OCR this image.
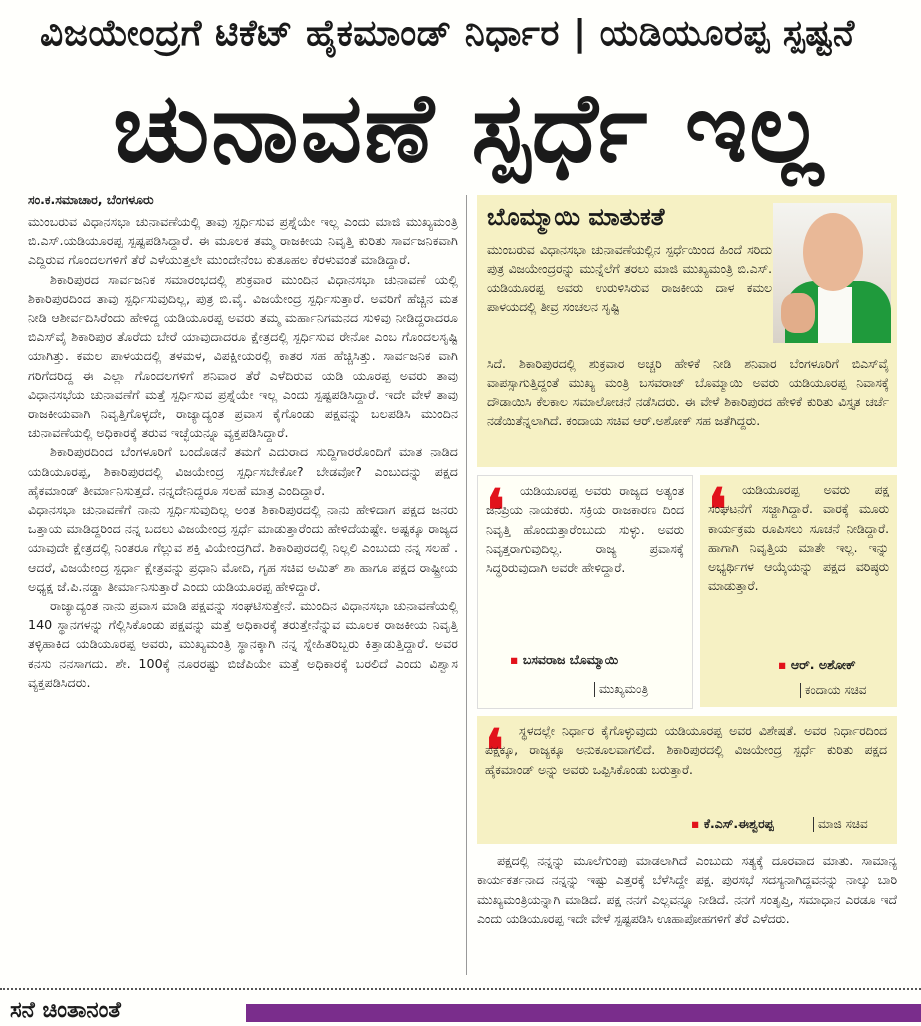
ವಿಜಯೇಂದ್ರಗೆ ಟಿಕೆಟ್ ಹೈಕಮಾಂಡ್ ನಿರ್ಧಾರ | ಯಡಿಯೂರಪ್ಪ ಸ್ಪಷ್ಟನೆ
ಚುನಾವಣೆ ಸ್ಪರ್ಧೆ ಇಲ್ಲ
ಸಂ.ಕ.ಸಮಾಚಾರ, ಬೆಂಗಳೂರು

ಮುಂಬರುವ ವಿಧಾನಸಭಾ ಚುನಾವಣೆಯಲ್ಲಿ ತಾವು ಸ್ಪರ್ಧಿಸುವ ಪ್ರಶ್ನೆಯೇ ಇಲ್ಲ ಎಂದು ಮಾಜಿ ಮುಖ್ಯಮಂತ್ರಿ ಬಿ.ಎಸ್.ಯಡಿಯೂರಪ್ಪ ಸ್ಪಷ್ಟಪಡಿಸಿದ್ದಾರೆ. ಈ ಮೂಲಕ ತಮ್ಮ ರಾಜಕೀಯ ನಿವೃತ್ತಿ ಕುರಿತು ಸಾರ್ವಜನಿಕವಾಗಿ ಎದ್ದಿರುವ ಗೊಂದಲಗಳಿಗೆ ತೆರೆ ಎಳೆಯುತ್ತಲೇ ಮುಂದೇನೆಂಬ ಕುತೂಹಲ ಕೆರಳುವಂತೆ ಮಾಡಿದ್ದಾರೆ.

ಶಿಕಾರಿಪುರದ ಸಾರ್ವಜನಿಕ ಸಮಾರಂಭದಲ್ಲಿ ಶುಕ್ರವಾರ ಮುಂದಿನ ವಿಧಾನಸಭಾ ಚುನಾವಣೆ ಯಲ್ಲಿ ಶಿಕಾರಿಪುರದಿಂದ ತಾವು ಸ್ಪರ್ಧಿಸುವುದಿಲ್ಲ, ಪುತ್ರ ಬಿ.ವೈ. ವಿಜಯೇಂದ್ರ ಸ್ಪರ್ಧಿಸುತ್ತಾರೆ. ಅವರಿಗೆ ಹೆಚ್ಚಿನ ಮತ ನೀಡಿ ಆಶೀರ್ವದಿಸಿರೆಂದು ಹೇಳಿದ್ದ ಯಡಿಯೂರಪ್ಪ ಅವರು ತಮ್ಮ ಮರ್ಹಾನಿಗಮನದ ಸುಳಿವು ನೀಡಿದ್ದರಾದರೂ ಬಿಎಸ್‌ವೈ ಶಿಕಾರಿಪುರ ತೊರೆದು ಬೇರೆ ಯಾವುದಾದರೂ ಕ್ಷೇತ್ರದಲ್ಲಿ ಸ್ಪರ್ಧಿಸುವ ರೇನೋ ಎಂಬ ಗೊಂದಲಸೃಷ್ಟಿ ಯಾಗಿತ್ತು. ಕಮಲ ಪಾಳಯದಲ್ಲಿ ತಳಮಳ, ವಿಪಕ್ಷೀಯರಲ್ಲಿ ಕಾತರ ಸಹ ಹೆಚ್ಚಿಸಿತ್ತು. ಸಾರ್ವಜನಿಕ ವಾಗಿ ಗರಿಗೆದರಿದ್ದ ಈ ಎಲ್ಲಾ ಗೊಂದಲಗಳಿಗೆ ಶನಿವಾರ ತೆರೆ ಎಳೆದಿರುವ ಯಡಿ ಯೂರಪ್ಪ ಅವರು ತಾವು ವಿಧಾನಸಭೆಯ ಚುನಾವಣೆಗೆ ಮತ್ತೆ ಸ್ಪರ್ಧಿಸುವ ಪ್ರಶ್ನೆಯೇ ಇಲ್ಲ ಎಂದು ಸ್ಪಷ್ಟಪಡಿಸಿದ್ದಾರೆ. ಇದೇ ವೇಳೆ ತಾವು ರಾಜಕೀಯವಾಗಿ ನಿವೃತ್ತಿಗೊಳ್ಳದೇ, ರಾಜ್ಯಾದ್ಯಂತ ಪ್ರವಾಸ ಕೈಗೊಂಡು ಪಕ್ಷವನ್ನು ಬಲಪಡಿಸಿ ಮುಂದಿನ ಚುನಾವಣೆಯಲ್ಲಿ ಅಧಿಕಾರಕ್ಕೆ ತರುವ ಇಚ್ಛೆಯನ್ನೂ ವ್ಯಕ್ತಪಡಿಸಿದ್ದಾರೆ.

ಶಿಕಾರಿಪುರದಿಂದ ಬೆಂಗಳೂರಿಗೆ ಬಂದೊಡನೆ ತಮಗೆ ಎದುರಾದ ಸುದ್ದಿಗಾರರೊಂದಿಗೆ ಮಾತ ನಾಡಿದ ಯಡಿಯೂರಪ್ಪ, ಶಿಕಾರಿಪುರದಲ್ಲಿ ವಿಜಯೇಂದ್ರ ಸ್ಪರ್ಧಿಸಬೇಕೋ? ಬೇಡವೋ? ಎಂಬುದನ್ನು ಪಕ್ಷದ ಹೈಕಮಾಂಡ್ ತೀರ್ಮಾನಿಸುತ್ತದೆ. ನನ್ನದೇನಿದ್ದರೂ ಸಲಹೆ ಮಾತ್ರ ಎಂದಿದ್ದಾರೆ.

ವಿಧಾನಸಭಾ ಚುನಾವಣೆಗೆ ನಾನು ಸ್ಪರ್ಧಿಸುವುದಿಲ್ಲ ಅಂತ ಶಿಕಾರಿಪುರದಲ್ಲಿ ನಾನು ಹೇಳಿದಾಗ ಪಕ್ಷದ ಜನರು ಒತ್ತಾಯ ಮಾಡಿದ್ದರಿಂದ ನನ್ನ ಬದಲು ವಿಜಯೇಂದ್ರ ಸ್ಪರ್ಧೆ ಮಾಡುತ್ತಾರೆಂದು ಹೇಳಿದೆಯಷ್ಟೇ. ಅಷ್ಟಕ್ಕೂ ರಾಜ್ಯದ ಯಾವುದೇ ಕ್ಷೇತ್ರದಲ್ಲಿ ನಿಂತರೂ ಗೆಲ್ಲುವ ಶಕ್ತಿ ವಿಯೇಂದ್ರಗಿದೆ. ಶಿಕಾರಿಪುರದಲ್ಲಿ ನಿಲ್ಲಲಿ ಎಂಬುದು ನನ್ನ ಸಲಹೆ . ಆದರೆ, ವಿಜಯೇಂದ್ರ ಸ್ಪರ್ಧಾ ಕ್ಷೇತ್ರವನ್ನು ಪ್ರಧಾನಿ ಮೋದಿ, ಗೃಹ ಸಚಿವ ಅಮಿತ್ ಶಾ ಹಾಗೂ ಪಕ್ಷದ ರಾಷ್ಟ್ರೀಯ ಅಧ್ಯಕ್ಷ ಜೆ.ಪಿ.ನಡ್ಡಾ ತೀರ್ಮಾನಿಸುತ್ತಾರೆ ಎಂದು ಯಡಿಯೂರಪ್ಪ ಹೇಳಿದ್ದಾರೆ.

ರಾಜ್ಯಾದ್ಯಂತ ನಾನು ಪ್ರವಾಸ ಮಾಡಿ ಪಕ್ಷವನ್ನು ಸಂಘಟಿಸುತ್ತೇನೆ. ಮುಂದಿನ ವಿಧಾನಸಭಾ ಚುನಾವಣೆಯಲ್ಲಿ 140 ಸ್ಥಾನಗಳನ್ನು ಗೆಲ್ಲಿಸಿಕೊಂಡು ಪಕ್ಷವನ್ನು ಮತ್ತೆ ಅಧಿಕಾರಕ್ಕೆ ತರುತ್ತೇನೆನ್ನುವ ಮೂಲಕ ರಾಜಕೀಯ ನಿವೃತ್ತಿ ತಳ್ಳಿಹಾಕಿದ ಯಡಿಯೂರಪ್ಪ ಅವರು, ಮುಖ್ಯಮಂತ್ರಿ ಸ್ಥಾನಕ್ಕಾಗಿ ನನ್ನ ಸ್ನೇಹಿತರಿಬ್ಬರು ಕಿತ್ತಾಡುತ್ತಿದ್ದಾರೆ. ಅವರ ಕನಸು ನನಸಾಗದು. ಶೇ. 100ಕ್ಕೆ ನೂರರಷ್ಟು ಬಿಜೆಪಿಯೇ ಮತ್ತೆ ಅಧಿಕಾರಕ್ಕೆ ಬರಲಿದೆ ಎಂದು ವಿಶ್ವಾಸ ವ್ಯಕ್ತಪಡಿಸಿದರು.

ಬೊಮ್ಮಾಯಿ ಮಾತುಕತೆ
ಮುಂಬರುವ ವಿಧಾನಸಭಾ ಚುನಾವಣೆಯಲ್ಲಿನ ಸ್ಪರ್ಧೆಯಿಂದ ಹಿಂದೆ ಸರಿದು ಪುತ್ರ ವಿಜಯೇಂದ್ರರನ್ನು ಮುನ್ನೆಲೆಗೆ ತರಲು ಮಾಜಿ ಮುಖ್ಯಮಂತ್ರಿ ಬಿ.ಎಸ್. ಯಡಿಯೂರಪ್ಪ ಅವರು ಉರುಳಿಸಿರುವ ರಾಜಕೀಯ ದಾಳ ಕಮಲ ಪಾಳಯದಲ್ಲಿ ತೀವ್ರ ಸಂಚಲನ ಸೃಷ್ಟಿ
ಸಿದೆ. ಶಿಕಾರಿಪುರದಲ್ಲಿ ಶುಕ್ರವಾರ ಅಚ್ಚರಿ ಹೇಳಿಕೆ ನೀಡಿ ಶನಿವಾರ ಬೆಂಗಳೂರಿಗೆ ಬಿಎಸ್‌ವೈ ವಾಪಸ್ಸಾಗುತ್ತಿದ್ದಂತೆ ಮುಖ್ಯ ಮಂತ್ರಿ ಬಸವರಾಜ್ ಬೊಮ್ಮಾಯಿ ಅವರು ಯಡಿಯೂರಪ್ಪ ನಿವಾಸಕ್ಕೆ ದೌಡಾಯಿಸಿ ಕೆಲಕಾಲ ಸಮಾಲೋಚನೆ ನಡೆಸಿದರು. ಈ ವೇಳೆ ಶಿಕಾರಿಪುರದ ಹೇಳಿಕೆ ಕುರಿತು ವಿಸ್ತೃತ ಚರ್ಚೆ ನಡೆಯಿತೆನ್ನಲಾಗಿದೆ. ಕಂದಾಯ ಸಚಿವ ಆರ್.ಅಶೋಕ್ ಸಹ ಜತೆಗಿದ್ದರು.
❛	ಯಡಿಯೂರಪ್ಪ ಅವರು ರಾಜ್ಯದ ಅತ್ಯಂತ ಜನಪ್ರಿಯ ನಾಯಕರು. ಸಕ್ರಿಯ ರಾಜಕಾರಣ ದಿಂದ ನಿವೃತ್ತಿ ಹೊಂದುತ್ತಾರೆಂಬುದು ಸುಳ್ಳು. ಅವರು ನಿವೃತ್ತರಾಗುವುದಿಲ್ಲ. ರಾಜ್ಯ ಪ್ರವಾಸಕ್ಕೆ ಸಿದ್ಧರಿರುವುದಾಗಿ ಅವರೇ ಹೇಳಿದ್ದಾರೆ.
▪ ಬಸವರಾಜ ಬೊಮ್ಮಾಯಿ
ಮುಖ್ಯಮಂತ್ರಿ
❛	ಯಡಿಯೂರಪ್ಪ ಅವರು ಪಕ್ಷ ಸಂಘಟನೆಗೆ ಸಜ್ಜಾಗಿದ್ದಾರೆ. ವಾರಕ್ಕೆ ಮೂರು ಕಾರ್ಯಕ್ರಮ ರೂಪಿಸಲು ಸೂಚನೆ ನೀಡಿದ್ದಾರೆ. ಹಾಗಾಗಿ ನಿವೃತ್ತಿಯ ಮಾತೇ ಇಲ್ಲ. ಇನ್ನು ಅಭ್ಯರ್ಥಿಗಳ ಆಯ್ಕೆಯನ್ನು ಪಕ್ಷದ ವರಿಷ್ಠರು ಮಾಡುತ್ತಾರೆ.
▪ ಆರ್. ಅಶೋಕ್
ಕಂದಾಯ ಸಚಿವ
❛	ಸ್ಥಳದಲ್ಲೇ ನಿರ್ಧಾರ ಕೈಗೊಳ್ಳುವುದು ಯಡಿಯೂರಪ್ಪ ಅವರ ವಿಶೇಷತೆ. ಅವರ ನಿರ್ಧಾರದಿಂದ ಪಕ್ಷಕ್ಕೂ, ರಾಜ್ಯಕ್ಕೂ ಅನುಕೂಲವಾಗಲಿದೆ. ಶಿಕಾರಿಪುರದಲ್ಲಿ ವಿಜಯೇಂದ್ರ ಸ್ಪರ್ಧೆ ಕುರಿತು ಪಕ್ಷದ ಹೈಕಮಾಂಡ್ ಅನ್ನು ಅವರು ಒಪ್ಪಿಸಿಕೊಂಡು ಬರುತ್ತಾರೆ.
▪ ಕೆ.ಎಸ್.ಈಶ್ವರಪ್ಪ	ಮಾಜಿ ಸಚಿವ

ಪಕ್ಷದಲ್ಲಿ ನನ್ನನ್ನು ಮೂಲೆಗುಂಪು ಮಾಡಲಾಗಿದೆ ಎಂಬುದು ಸತ್ಯಕ್ಕೆ ದೂರವಾದ ಮಾತು. ಸಾಮಾನ್ಯ ಕಾರ್ಯಕರ್ತನಾದ ನನ್ನನ್ನು ಇಷ್ಟು ಎತ್ತರಕ್ಕೆ ಬೆಳೆಸಿದ್ದೇ ಪಕ್ಷ. ಪುರಸಭೆ ಸದಸ್ಯನಾಗಿದ್ದವನನ್ನು ನಾಲ್ಕು ಬಾರಿ ಮುಖ್ಯಮಂತ್ರಿಯನ್ನಾಗಿ ಮಾಡಿದೆ. ಪಕ್ಷ ನನಗೆ ಎಲ್ಲವನ್ನೂ ನೀಡಿದೆ. ನನಗೆ ಸಂತೃಪ್ತಿ, ಸಮಾಧಾನ ಎರಡೂ ಇದೆ ಎಂದು ಯಡಿಯೂರಪ್ಪ ಇದೇ ವೇಳೆ ಸ್ಪಷ್ಟಪಡಿಸಿ ಊಹಾಪೋಹಗಳಿಗೆ ತೆರೆ ಎಳೆದರು.

ಸನೆ ಚಿಂತಾನಂತೆ
